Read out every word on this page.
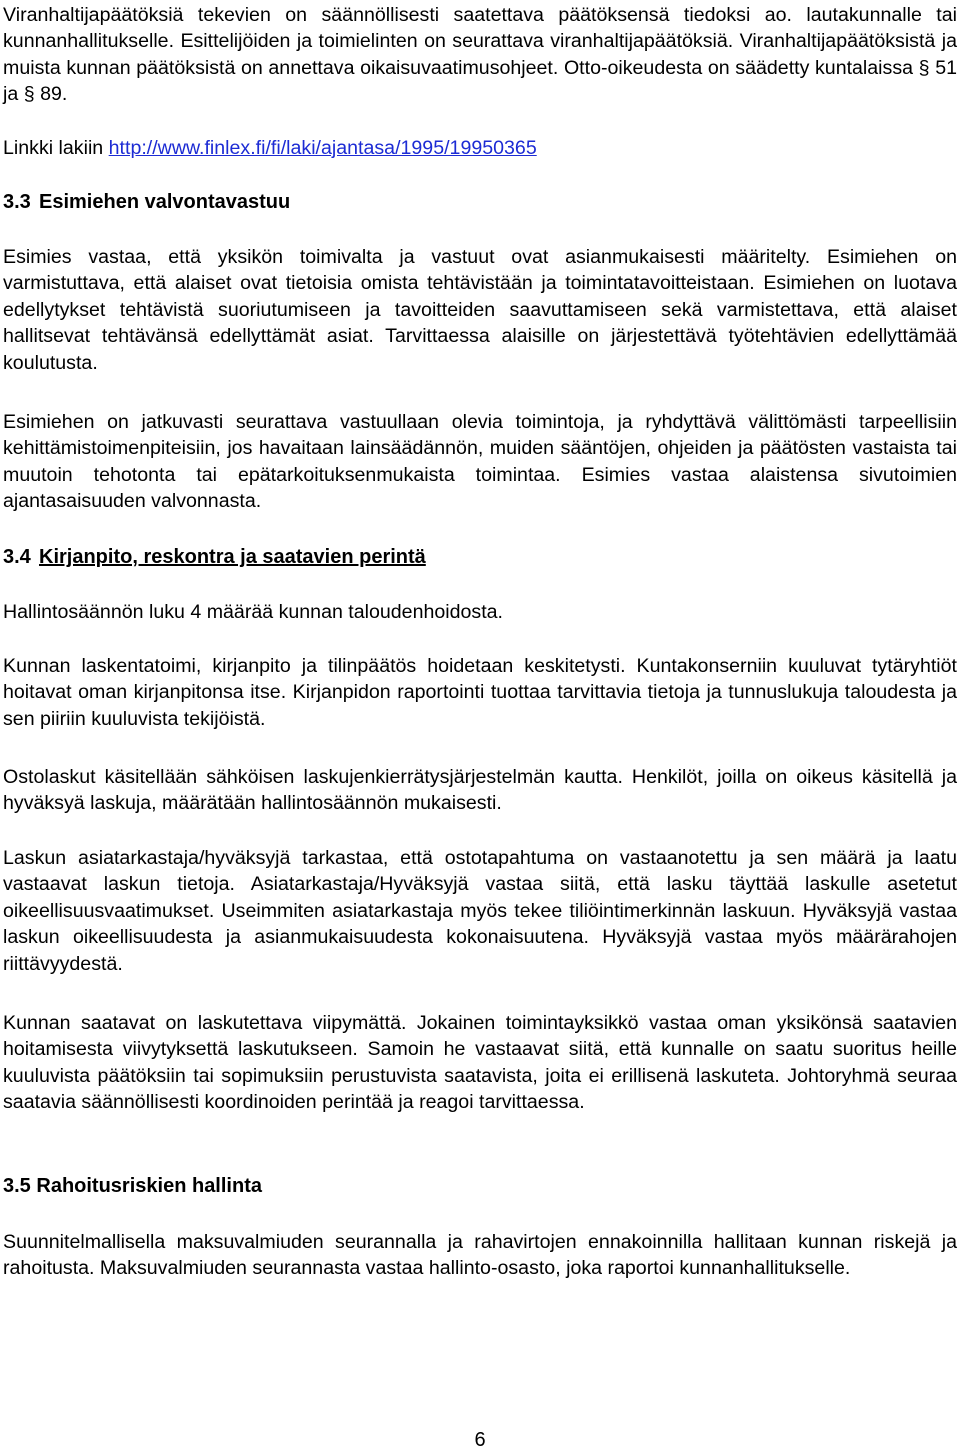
Viranhaltijapäätöksiä tekevien on säännöllisesti saatettava päätöksensä tiedoksi ao. lautakunnalle tai kunnanhallitukselle. Esittelijöiden ja toimielinten on seurattava viranhaltijapäätöksiä. Viranhaltijapäätöksistä ja muista kunnan päätöksistä on annettava oikaisuvaatimusohjeet. Otto-oikeudesta on säädetty kuntalaissa § 51 ja § 89.
Linkki lakiin http://www.finlex.fi/fi/laki/ajantasa/1995/19950365
3.3 Esimiehen valvontavastuu
Esimies vastaa, että yksikön toimivalta ja vastuut ovat asianmukaisesti määritelty. Esimiehen on varmistuttava, että alaiset ovat tietoisia omista tehtävistään ja toimintatavoitteistaan. Esimiehen on luotava edellytykset tehtävistä suoriutumiseen ja tavoitteiden saavuttamiseen sekä varmistettava, että alaiset hallitsevat tehtävänsä edellyttämät asiat. Tarvittaessa alaisille on järjestettävä työtehtävien edellyttämää koulutusta.
Esimiehen on jatkuvasti seurattava vastuullaan olevia toimintoja, ja ryhdyttävä välittömästi tarpeellisiin kehittämistoimenpiteisiin, jos havaitaan lainsäädännön, muiden sääntöjen, ohjeiden ja päätösten vastaista tai muutoin tehotonta tai epätarkoituksenmukaista toimintaa. Esimies vastaa alaistensa sivutoimien ajantasaisuuden valvonnasta.
3.4 Kirjanpito, reskontra ja saatavien perintä
Hallintosäännön luku 4 määrää kunnan taloudenhoidosta.
Kunnan laskentatoimi, kirjanpito ja tilinpäätös hoidetaan keskitetysti. Kuntakonserniin kuuluvat tytäryhtiöt hoitavat oman kirjanpitonsa itse. Kirjanpidon raportointi tuottaa tarvittavia tietoja ja tunnuslukuja taloudesta ja sen piiriin kuuluvista tekijöistä.
Ostolaskut käsitellään sähköisen laskujenkierrätysjärjestelmän kautta. Henkilöt, joilla on oikeus käsitellä ja hyväksyä laskuja, määrätään hallintosäännön mukaisesti.
Laskun asiatarkastaja/hyväksyjä tarkastaa, että ostotapahtuma on vastaanotettu ja sen määrä ja laatu vastaavat laskun tietoja. Asiatarkastaja/Hyväksyjä vastaa siitä, että lasku täyttää laskulle asetetut oikeellisuusvaatimukset. Useimmiten asiatarkastaja myös tekee tiliöintimerkinnän laskuun. Hyväksyjä vastaa laskun oikeellisuudesta ja asianmukaisuudesta kokonaisuutena. Hyväksyjä vastaa myös määrärahojen riittävyydestä.
Kunnan saatavat on laskutettava viipymättä. Jokainen toimintayksikkö vastaa oman yksikönsä saatavien hoitamisesta viivytyksettä laskutukseen. Samoin he vastaavat siitä, että kunnalle on saatu suoritus heille kuuluvista päätöksiin tai sopimuksiin perustuvista saatavista, joita ei erillisenä laskuteta. Johtoryhmä seuraa saatavia säännöllisesti koordinoiden perintää ja reagoi tarvittaessa.
3.5 Rahoitusriskien hallinta
Suunnitelmallisella maksuvalmiuden seurannalla ja rahavirtojen ennakoinnilla hallitaan kunnan riskejä ja rahoitusta. Maksuvalmiuden seurannasta vastaa hallinto-osasto, joka raportoi kunnanhallitukselle.
6
